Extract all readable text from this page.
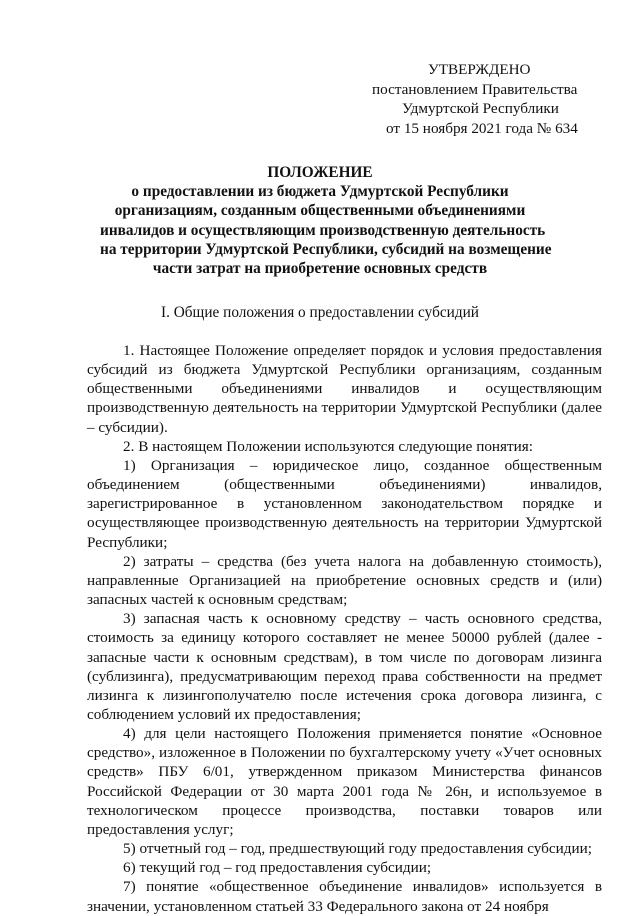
УТВЕРЖДЕНО
постановлением Правительства
Удмуртской Республики
от 15 ноября 2021 года № 634
ПОЛОЖЕНИЕ
о предоставлении из бюджета Удмуртской Республики
организациям, созданным общественными объединениями
инвалидов и осуществляющим производственную деятельность
на территории Удмуртской Республики, субсидий на возмещение
части затрат на приобретение основных средств
I. Общие положения о предоставлении субсидий

1. Настоящее Положение определяет порядок и условия предоставления субсидий из бюджета Удмуртской Республики организациям, созданным общественными объединениями инвалидов и осуществляющим производственную деятельность на территории Удмуртской Республики (далее – субсидии).

2. В настоящем Положении используются следующие понятия:

1) Организация – юридическое лицо, созданное общественным объединением (общественными объединениями) инвалидов, зарегистрированное в установленном законодательством порядке и осуществляющее производственную деятельность на территории Удмуртской Республики;

2) затраты – средства (без учета налога на добавленную стоимость), направленные Организацией на приобретение основных средств и (или) запасных частей к основным средствам;

3) запасная часть к основному средству – часть основного средства, стоимость за единицу которого составляет не менее 50000 рублей (далее - запасные части к основным средствам), в том числе по договорам лизинга (сублизинга), предусматривающим переход права собственности на предмет лизинга к лизингополучателю после истечения срока договора лизинга, с соблюдением условий их предоставления;

4) для цели настоящего Положения применяется понятие «Основное средство», изложенное в Положении по бухгалтерскому учету «Учет основных средств» ПБУ 6/01, утвержденном приказом Министерства финансов Российской Федерации от 30 марта 2001 года № 26н, и используемое в технологическом процессе производства, поставки товаров или предоставления услуг;

5) отчетный год – год, предшествующий году предоставления субсидии;

6) текущий год – год предоставления субсидии;

7) понятие «общественное объединение инвалидов» используется в значении, установленном статьей 33 Федерального закона от 24 ноября
